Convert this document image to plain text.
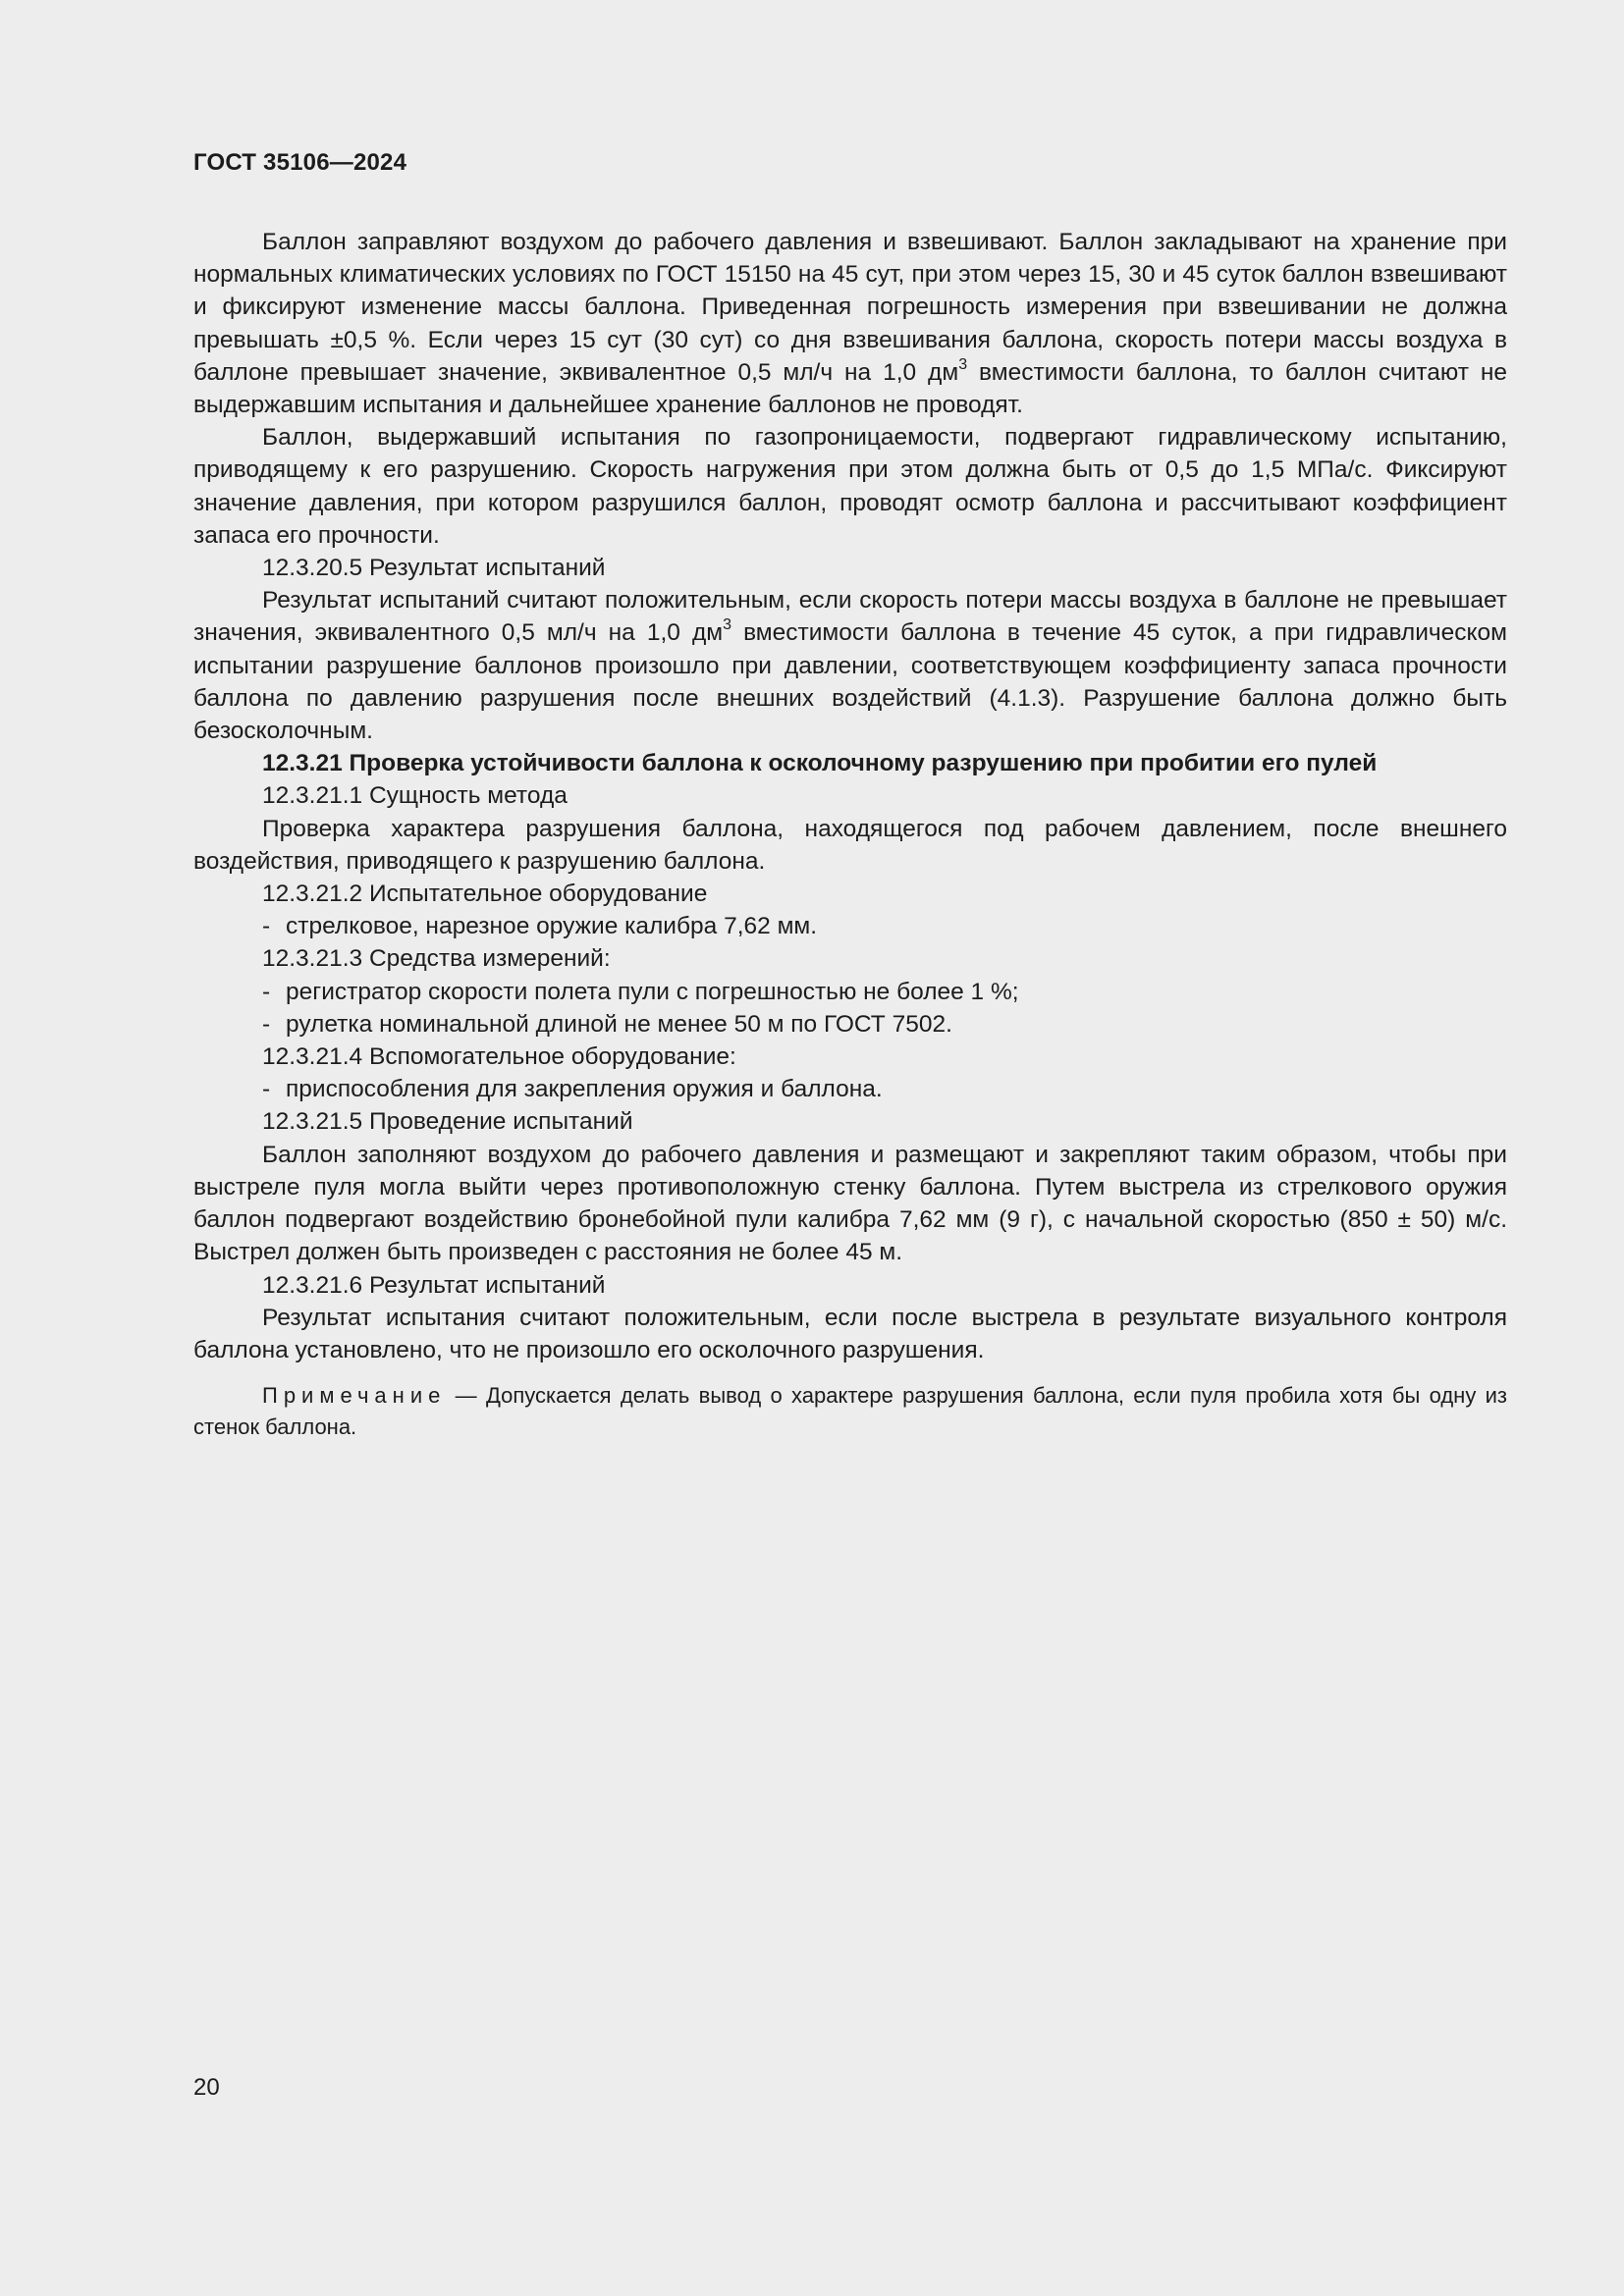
ГОСТ 35106—2024

Баллон заправляют воздухом до рабочего давления и взвешивают. Баллон закладывают на хранение при нормальных климатических условиях по ГОСТ 15150 на 45 сут, при этом через 15, 30 и 45 суток баллон взвешивают и фиксируют изменение массы баллона. Приведенная погрешность измерения при взвешивании не должна превышать ±0,5 %. Если через 15 сут (30 сут) со дня взвешивания баллона, скорость потери массы воздуха в баллоне превышает значение, эквивалентное 0,5 мл/ч на 1,0 $дм^3$ вместимости баллона, то баллон считают не выдержавшим испытания и дальнейшее хранение баллонов не проводят.

Баллон, выдержавший испытания по газопроницаемости, подвергают гидравлическому испытанию, приводящему к его разрушению. Скорость нагружения при этом должна быть от 0,5 до 1,5 МПа/с. Фиксируют значение давления, при котором разрушился баллон, проводят осмотр баллона и рассчитывают коэффициент запаса его прочности.

12.3.20.5 Результат испытаний

Результат испытаний считают положительным, если скорость потери массы воздуха в баллоне не превышает значения, эквивалентного 0,5 мл/ч на 1,0 $дм^3$ вместимости баллона в течение 45 суток, а при гидравлическом испытании разрушение баллонов произошло при давлении, соответствующем коэффициенту запаса прочности баллона по давлению разрушения после внешних воздействий (4.1.3). Разрушение баллона должно быть безосколочным.

12.3.21 Проверка устойчивости баллона к осколочному разрушению при пробитии его пулей

12.3.21.1 Сущность метода

Проверка характера разрушения баллона, находящегося под рабочем давлением, после внешнего воздействия, приводящего к разрушению баллона.

12.3.21.2 Испытательное оборудование

- стрелковое, нарезное оружие калибра 7,62 мм.

12.3.21.3 Средства измерений:

- регистратор скорости полета пули с погрешностью не более 1 %;

- рулетка номинальной длиной не менее 50 м по ГОСТ 7502.

12.3.21.4 Вспомогательное оборудование:

- приспособления для закрепления оружия и баллона.

12.3.21.5 Проведение испытаний

Баллон заполняют воздухом до рабочего давления и размещают и закрепляют таким образом, чтобы при выстреле пуля могла выйти через противоположную стенку баллона. Путем выстрела из стрелкового оружия баллон подвергают воздействию бронебойной пули калибра 7,62 мм (9 г), с начальной скоростью (850 ± 50) м/с. Выстрел должен быть произведен с расстояния не более 45 м.

12.3.21.6 Результат испытаний

Результат испытания считают положительным, если после выстрела в результате визуального контроля баллона установлено, что не произошло его осколочного разрушения.

Примечание — Допускается делать вывод о характере разрушения баллона, если пуля пробила хотя бы одну из стенок баллона.

20
